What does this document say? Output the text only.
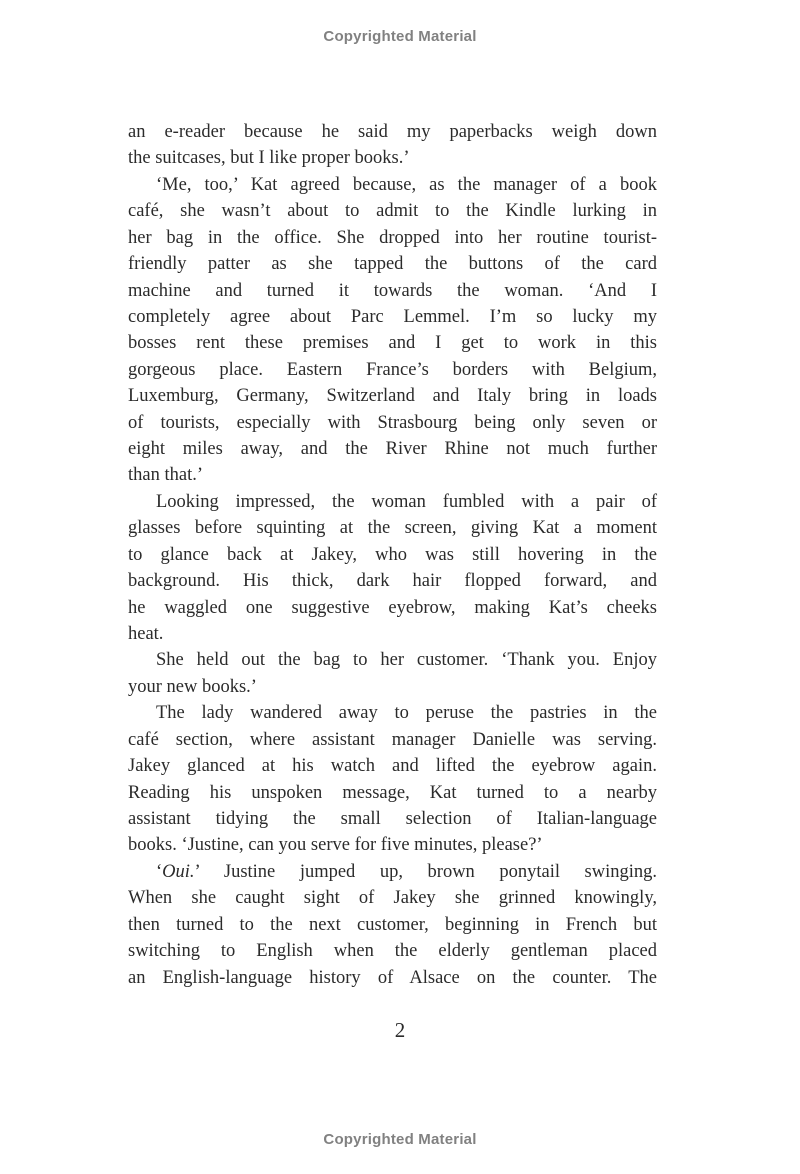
Copyrighted Material
an e-reader because he said my paperbacks weigh down
the suitcases, but I like proper books.’
‘Me, too,’ Kat agreed because, as the manager of a book
café, she wasn’t about to admit to the Kindle lurking in
her bag in the office. She dropped into her routine tourist-
friendly patter as she tapped the buttons of the card
machine and turned it towards the woman. ‘And I
completely agree about Parc Lemmel. I’m so lucky my
bosses rent these premises and I get to work in this
gorgeous place. Eastern France’s borders with Belgium,
Luxemburg, Germany, Switzerland and Italy bring in loads
of tourists, especially with Strasbourg being only seven or
eight miles away, and the River Rhine not much further
than that.’
Looking impressed, the woman fumbled with a pair of
glasses before squinting at the screen, giving Kat a moment
to glance back at Jakey, who was still hovering in the
background. His thick, dark hair flopped forward, and
he waggled one suggestive eyebrow, making Kat’s cheeks
heat.
She held out the bag to her customer. ‘Thank you. Enjoy
your new books.’
The lady wandered away to peruse the pastries in the
café section, where assistant manager Danielle was serving.
Jakey glanced at his watch and lifted the eyebrow again.
Reading his unspoken message, Kat turned to a nearby
assistant tidying the small selection of Italian-language
books. ‘Justine, can you serve for five minutes, please?’
‘Oui.’ Justine jumped up, brown ponytail swinging.
When she caught sight of Jakey she grinned knowingly,
then turned to the next customer, beginning in French but
switching to English when the elderly gentleman placed
an English-language history of Alsace on the counter. The
2
Copyrighted Material
